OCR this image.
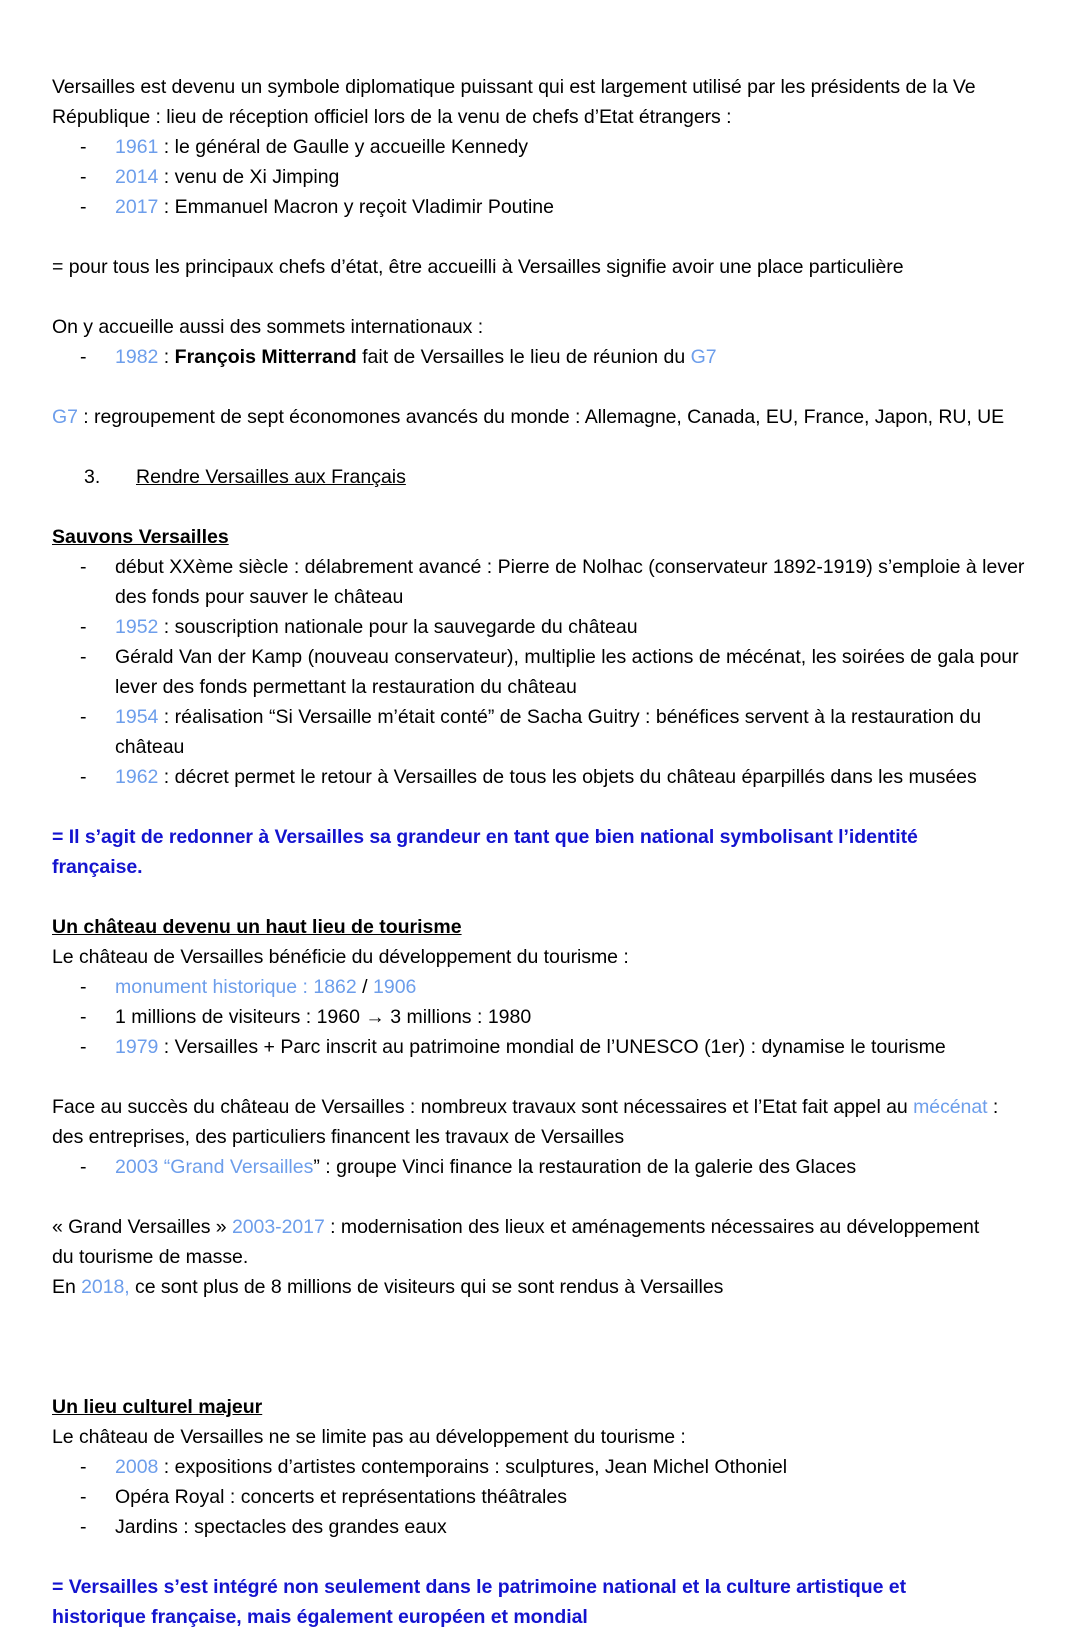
Versailles est devenu un symbole diplomatique puissant qui est largement utilisé par les présidents de la Ve
République : lieu de réception officiel lors de la venu de chefs d’Etat étrangers :

- 1961 : le général de Gaulle y accueille Kennedy
- 2014 : venu de Xi Jimping
- 2017 : Emmanuel Macron y reçoit Vladimir Poutine

= pour tous les principaux chefs d’état, être accueilli à Versailles signifie avoir une place particulière

On y accueille aussi des sommets internationaux :

- 1982 : François Mitterrand fait de Versailles le lieu de réunion du G7

G7 : regroupement de sept économones avancés du monde : Allemagne, Canada, EU, France, Japon, RU, UE

3. Rendre Versailles aux Français

Sauvons Versailles

- début XXème siècle : délabrement avancé : Pierre de Nolhac (conservateur 1892-1919) s’emploie à lever des fonds pour sauver le château
- 1952 : souscription nationale pour la sauvegarde du château
- Gérald Van der Kamp (nouveau conservateur), multiplie les actions de mécénat, les soirées de gala pour lever des fonds permettant la restauration du château
- 1954 : réalisation “Si Versaille m’était conté” de Sacha Guitry : bénéfices servent à la restauration du château
- 1962 : décret permet le retour à Versailles de tous les objets du château éparpillés dans les musées

= Il s’agit de redonner à Versailles sa grandeur en tant que bien national symbolisant l’identité
française.

Un château devenu un haut lieu de tourisme

Le château de Versailles bénéficie du développement du tourisme :

- monument historique : 1862 / 1906
- 1 millions de visiteurs : 1960 → 3 millions : 1980
- 1979 : Versailles + Parc inscrit au patrimoine mondial de l’UNESCO (1er) : dynamise le tourisme

Face au succès du château de Versailles : nombreux travaux sont nécessaires et l’Etat fait appel au mécénat :
des entreprises, des particuliers financent les travaux de Versailles

- 2003 “Grand Versailles” : groupe Vinci finance la restauration de la galerie des Glaces

« Grand Versailles » 2003-2017 : modernisation des lieux et aménagements nécessaires au développement
du tourisme de masse.

En 2018, ce sont plus de 8 millions de visiteurs qui se sont rendus à Versailles

Un lieu culturel majeur

Le château de Versailles ne se limite pas au développement du tourisme :

- 2008 : expositions d’artistes contemporains : sculptures, Jean Michel Othoniel
- Opéra Royal : concerts et représentations théâtrales
- Jardins : spectacles des grandes eaux

= Versailles s’est intégré non seulement dans le patrimoine national et la culture artistique et
historique française, mais également européen et mondial
